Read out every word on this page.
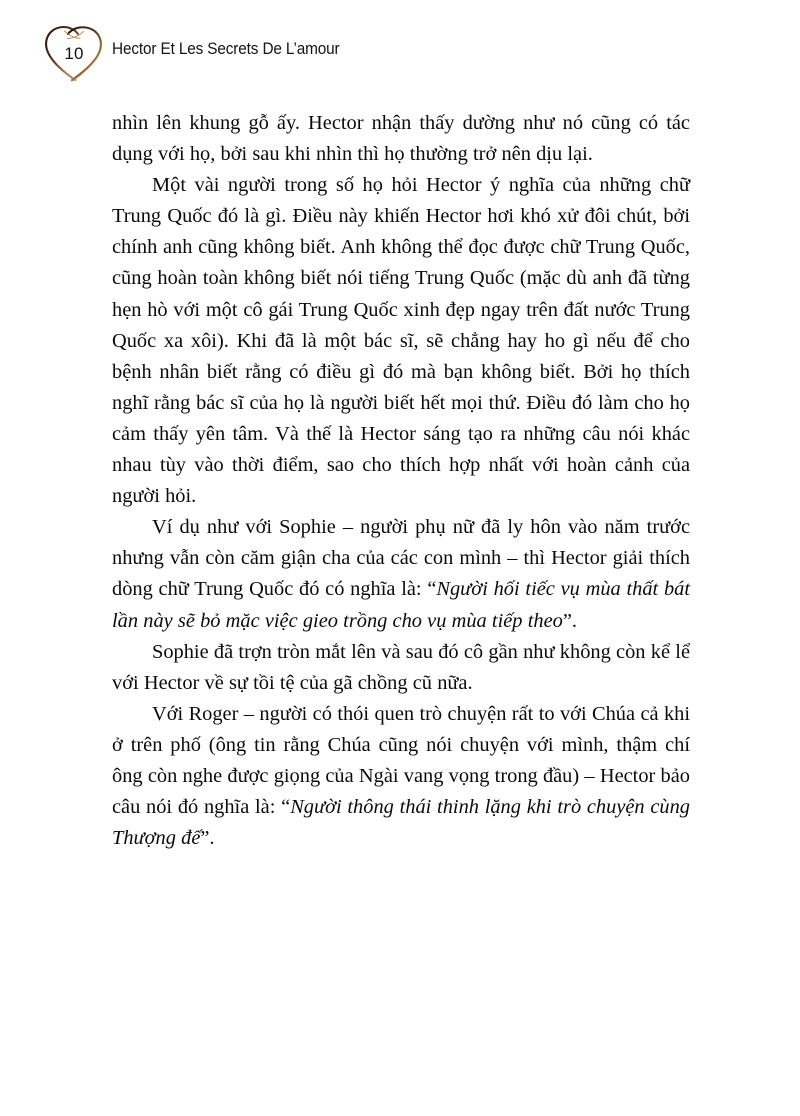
10	Hector Et Les Secrets De L’amour

nhìn lên khung gỗ ấy. Hector nhận thấy dường như nó cũng có tác dụng với họ, bởi sau khi nhìn thì họ thường trở nên dịu lại.

Một vài người trong số họ hỏi Hector ý nghĩa của những chữ Trung Quốc đó là gì. Điều này khiến Hector hơi khó xử đôi chút, bởi chính anh cũng không biết. Anh không thể đọc được chữ Trung Quốc, cũng hoàn toàn không biết nói tiếng Trung Quốc (mặc dù anh đã từng hẹn hò với một cô gái Trung Quốc xinh đẹp ngay trên đất nước Trung Quốc xa xôi). Khi đã là một bác sĩ, sẽ chẳng hay ho gì nếu để cho bệnh nhân biết rằng có điều gì đó mà bạn không biết. Bởi họ thích nghĩ rằng bác sĩ của họ là người biết hết mọi thứ. Điều đó làm cho họ cảm thấy yên tâm. Và thế là Hector sáng tạo ra những câu nói khác nhau tùy vào thời điểm, sao cho thích hợp nhất với hoàn cảnh của người hỏi.

Ví dụ như với Sophie – người phụ nữ đã ly hôn vào năm trước nhưng vẫn còn căm giận cha của các con mình – thì Hector giải thích dòng chữ Trung Quốc đó có nghĩa là: “Người hối tiếc vụ mùa thất bát lần này sẽ bỏ mặc việc gieo trồng cho vụ mùa tiếp theo”.

Sophie đã trợn tròn mắt lên và sau đó cô gần như không còn kể lể với Hector về sự tồi tệ của gã chồng cũ nữa.

Với Roger – người có thói quen trò chuyện rất to với Chúa cả khi ở trên phố (ông tin rằng Chúa cũng nói chuyện với mình, thậm chí ông còn nghe được giọng của Ngài vang vọng trong đầu) – Hector bảo câu nói đó nghĩa là: “Người thông thái thinh lặng khi trò chuyện cùng Thượng đế”.
